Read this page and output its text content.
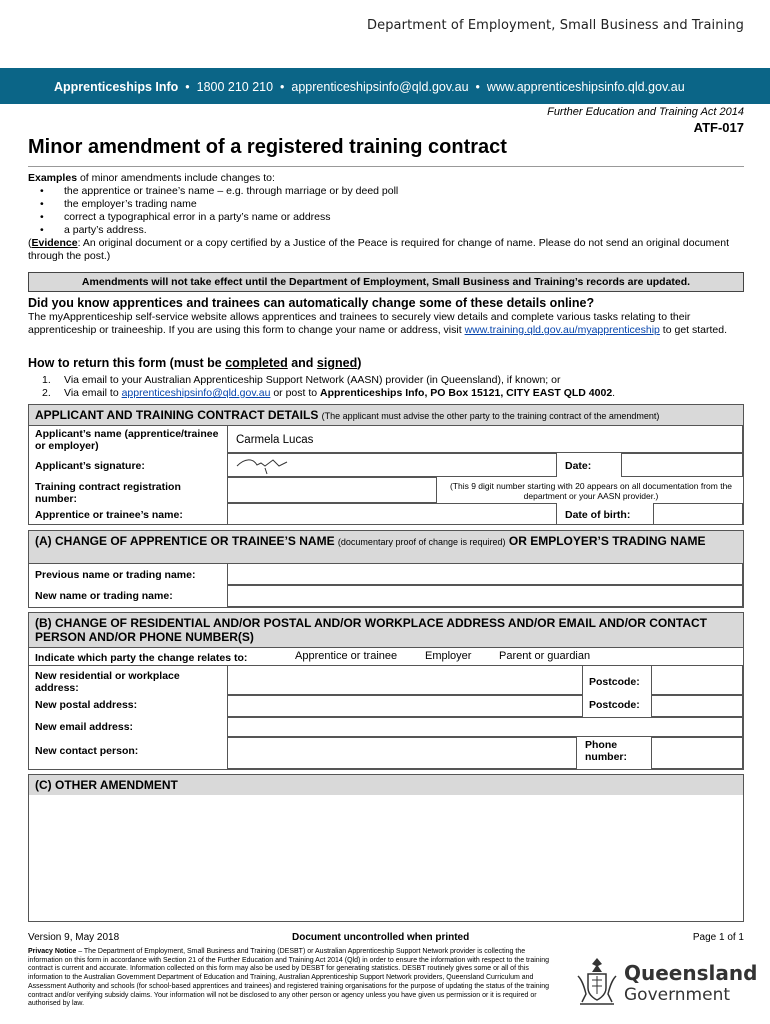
Department of Employment, Small Business and Training
Apprenticeships Info  •  1800 210 210  •  apprenticeshipsinfo@qld.gov.au  •  www.apprenticeshipsinfo.qld.gov.au
Further Education and Training Act 2014
ATF-017
Minor amendment of a registered training contract
Examples of minor amendments include changes to:
• the apprentice or trainee’s name – e.g. through marriage or by deed poll
• the employer’s trading name
• correct a typographical error in a party’s name or address
• a party’s address.
(Evidence: An original document or a copy certified by a Justice of the Peace is required for change of name. Please do not send an original document through the post.)
Amendments will not take effect until the Department of Employment, Small Business and Training’s records are updated.
Did you know apprentices and trainees can automatically change some of these details online?
The myApprenticeship self-service website allows apprentices and trainees to securely view details and complete various tasks relating to their apprenticeship or traineeship. If you are using this form to change your name or address, visit www.training.qld.gov.au/myapprenticeship to get started.
How to return this form (must be completed and signed)
1. Via email to your Australian Apprenticeship Support Network (AASN) provider (in Queensland), if known; or
2. Via email to apprenticeshipsinfo@qld.gov.au or post to Apprenticeships Info, PO Box 15121, CITY EAST QLD 4002.
APPLICANT AND TRAINING CONTRACT DETAILS (The applicant must advise the other party to the training contract of the amendment)
Applicant’s name (apprentice/trainee or employer)	Carmela Lucas
Applicant’s signature:	Date:
Training contract registration number:
(This 9 digit number starting with 20 appears on all documentation from the department or your AASN provider.)
Apprentice or trainee’s name:	Date of birth:
(A) CHANGE OF APPRENTICE OR TRAINEE’S NAME (documentary proof of change is required) OR EMPLOYER’S TRADING NAME
Previous name or trading name:
New name or trading name:
(B) CHANGE OF RESIDENTIAL AND/OR POSTAL AND/OR WORKPLACE ADDRESS AND/OR EMAIL AND/OR CONTACT PERSON AND/OR PHONE NUMBER(S)
Indicate which party the change relates to:	Apprentice or trainee	Employer	Parent or guardian
New residential or workplace address:	Postcode:
New postal address:	Postcode:
New email address:
New contact person:	Phone number:
(C) OTHER AMENDMENT
Version 9, May 2018	Document uncontrolled when printed	Page 1 of 1
Privacy Notice – The Department of Employment, Small Business and Training (DESBT) or Australian Apprenticeship Support Network provider is collecting the information on this form in accordance with Section 21 of the Further Education and Training Act 2014 (Qld) in order to ensure the information with respect to the training contract is current and accurate. Information collected on this form may also be used by DESBT for generating statistics. DESBT routinely gives some or all of this information to the Australian Government Department of Education and Training, Australian Apprenticeship Support Network providers, Queensland Curriculum and Assessment Authority and schools (for school-based apprentices and trainees) and registered training organisations for the purpose of updating the status of the training contract and/or verifying subsidy claims. Your information will not be disclosed to any other person or agency unless you have given us permission or it is required or authorised by law.
Queensland
Government
